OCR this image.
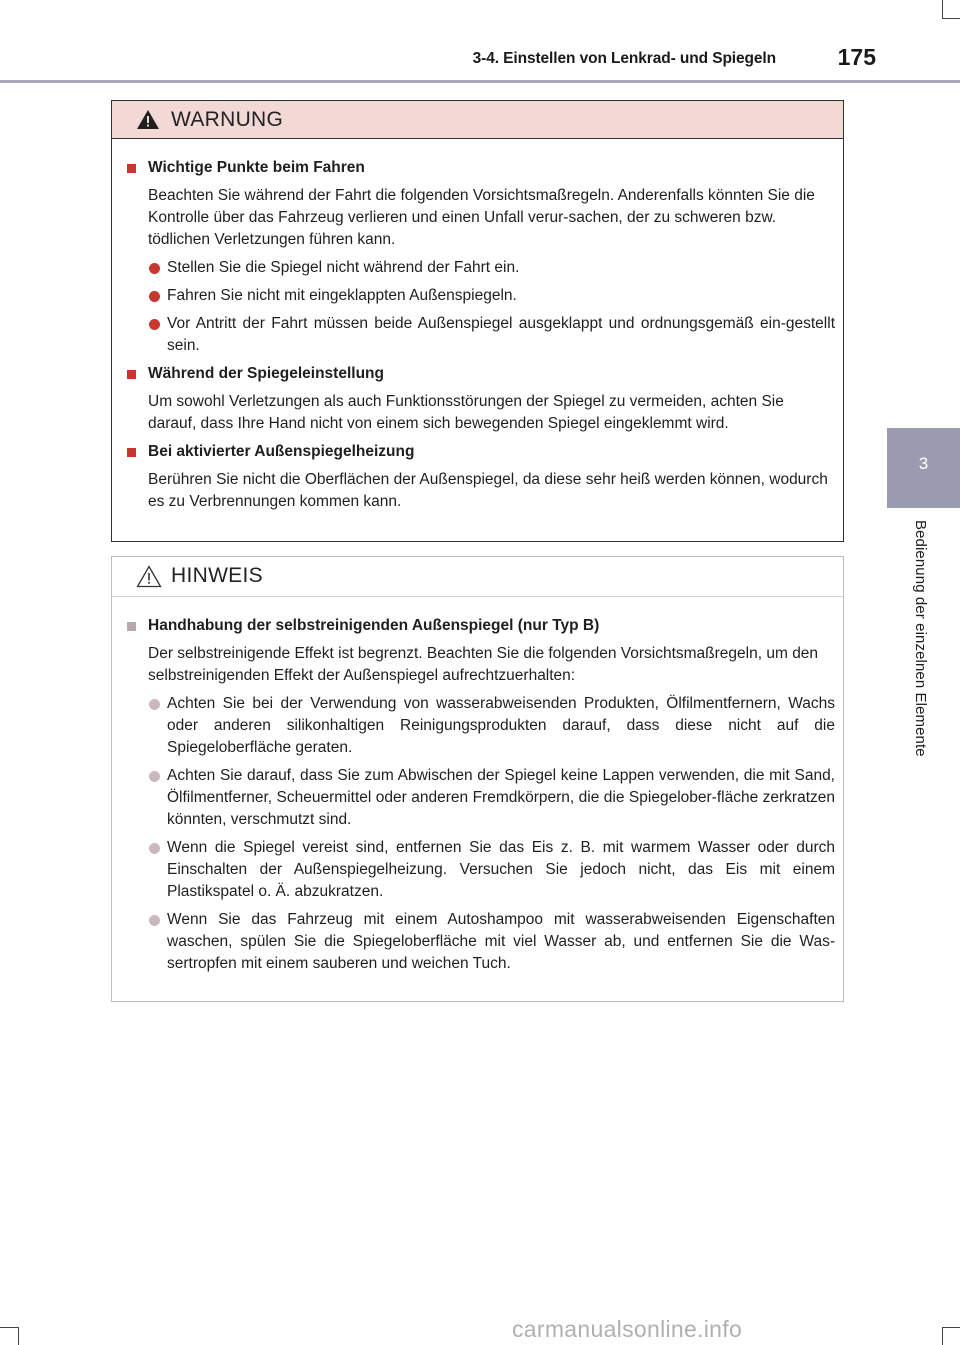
3-4. Einstellen von Lenkrad- und Spiegeln	175
3
Bedienung der einzelnen Elemente
WARNUNG
Wichtige Punkte beim Fahren
Beachten Sie während der Fahrt die folgenden Vorsichtsmaßregeln. Anderenfalls könnten Sie die Kontrolle über das Fahrzeug verlieren und einen Unfall verur-sachen, der zu schweren bzw. tödlichen Verletzungen führen kann.
Stellen Sie die Spiegel nicht während der Fahrt ein.
Fahren Sie nicht mit eingeklappten Außenspiegeln.
Vor Antritt der Fahrt müssen beide Außenspiegel ausgeklappt und ordnungsgemäß ein-gestellt sein.
Während der Spiegeleinstellung
Um sowohl Verletzungen als auch Funktionsstörungen der Spiegel zu vermeiden, achten Sie darauf, dass Ihre Hand nicht von einem sich bewegenden Spiegel eingeklemmt wird.
Bei aktivierter Außenspiegelheizung
Berühren Sie nicht die Oberflächen der Außenspiegel, da diese sehr heiß werden können, wodurch es zu Verbrennungen kommen kann.
HINWEIS
Handhabung der selbstreinigenden Außenspiegel (nur Typ B)
Der selbstreinigende Effekt ist begrenzt. Beachten Sie die folgenden Vorsichtsmaßregeln, um den selbstreinigenden Effekt der Außenspiegel aufrechtzuerhalten:
Achten Sie bei der Verwendung von wasserabweisenden Produkten, Ölfilmentfernern, Wachs oder anderen silikonhaltigen Reinigungsprodukten darauf, dass diese nicht auf die Spiegeloberfläche geraten.
Achten Sie darauf, dass Sie zum Abwischen der Spiegel keine Lappen verwenden, die mit Sand, Ölfilmentferner, Scheuermittel oder anderen Fremdkörpern, die die Spiegelober-fläche zerkratzen könnten, verschmutzt sind.
Wenn die Spiegel vereist sind, entfernen Sie das Eis z. B. mit warmem Wasser oder durch Einschalten der Außenspiegelheizung. Versuchen Sie jedoch nicht, das Eis mit einem Plastikspatel o. Ä. abzukratzen.
Wenn Sie das Fahrzeug mit einem Autoshampoo mit wasserabweisenden Eigenschaften waschen, spülen Sie die Spiegeloberfläche mit viel Wasser ab, und entfernen Sie die Was-sertropfen mit einem sauberen und weichen Tuch.
carmanualsonline.info
